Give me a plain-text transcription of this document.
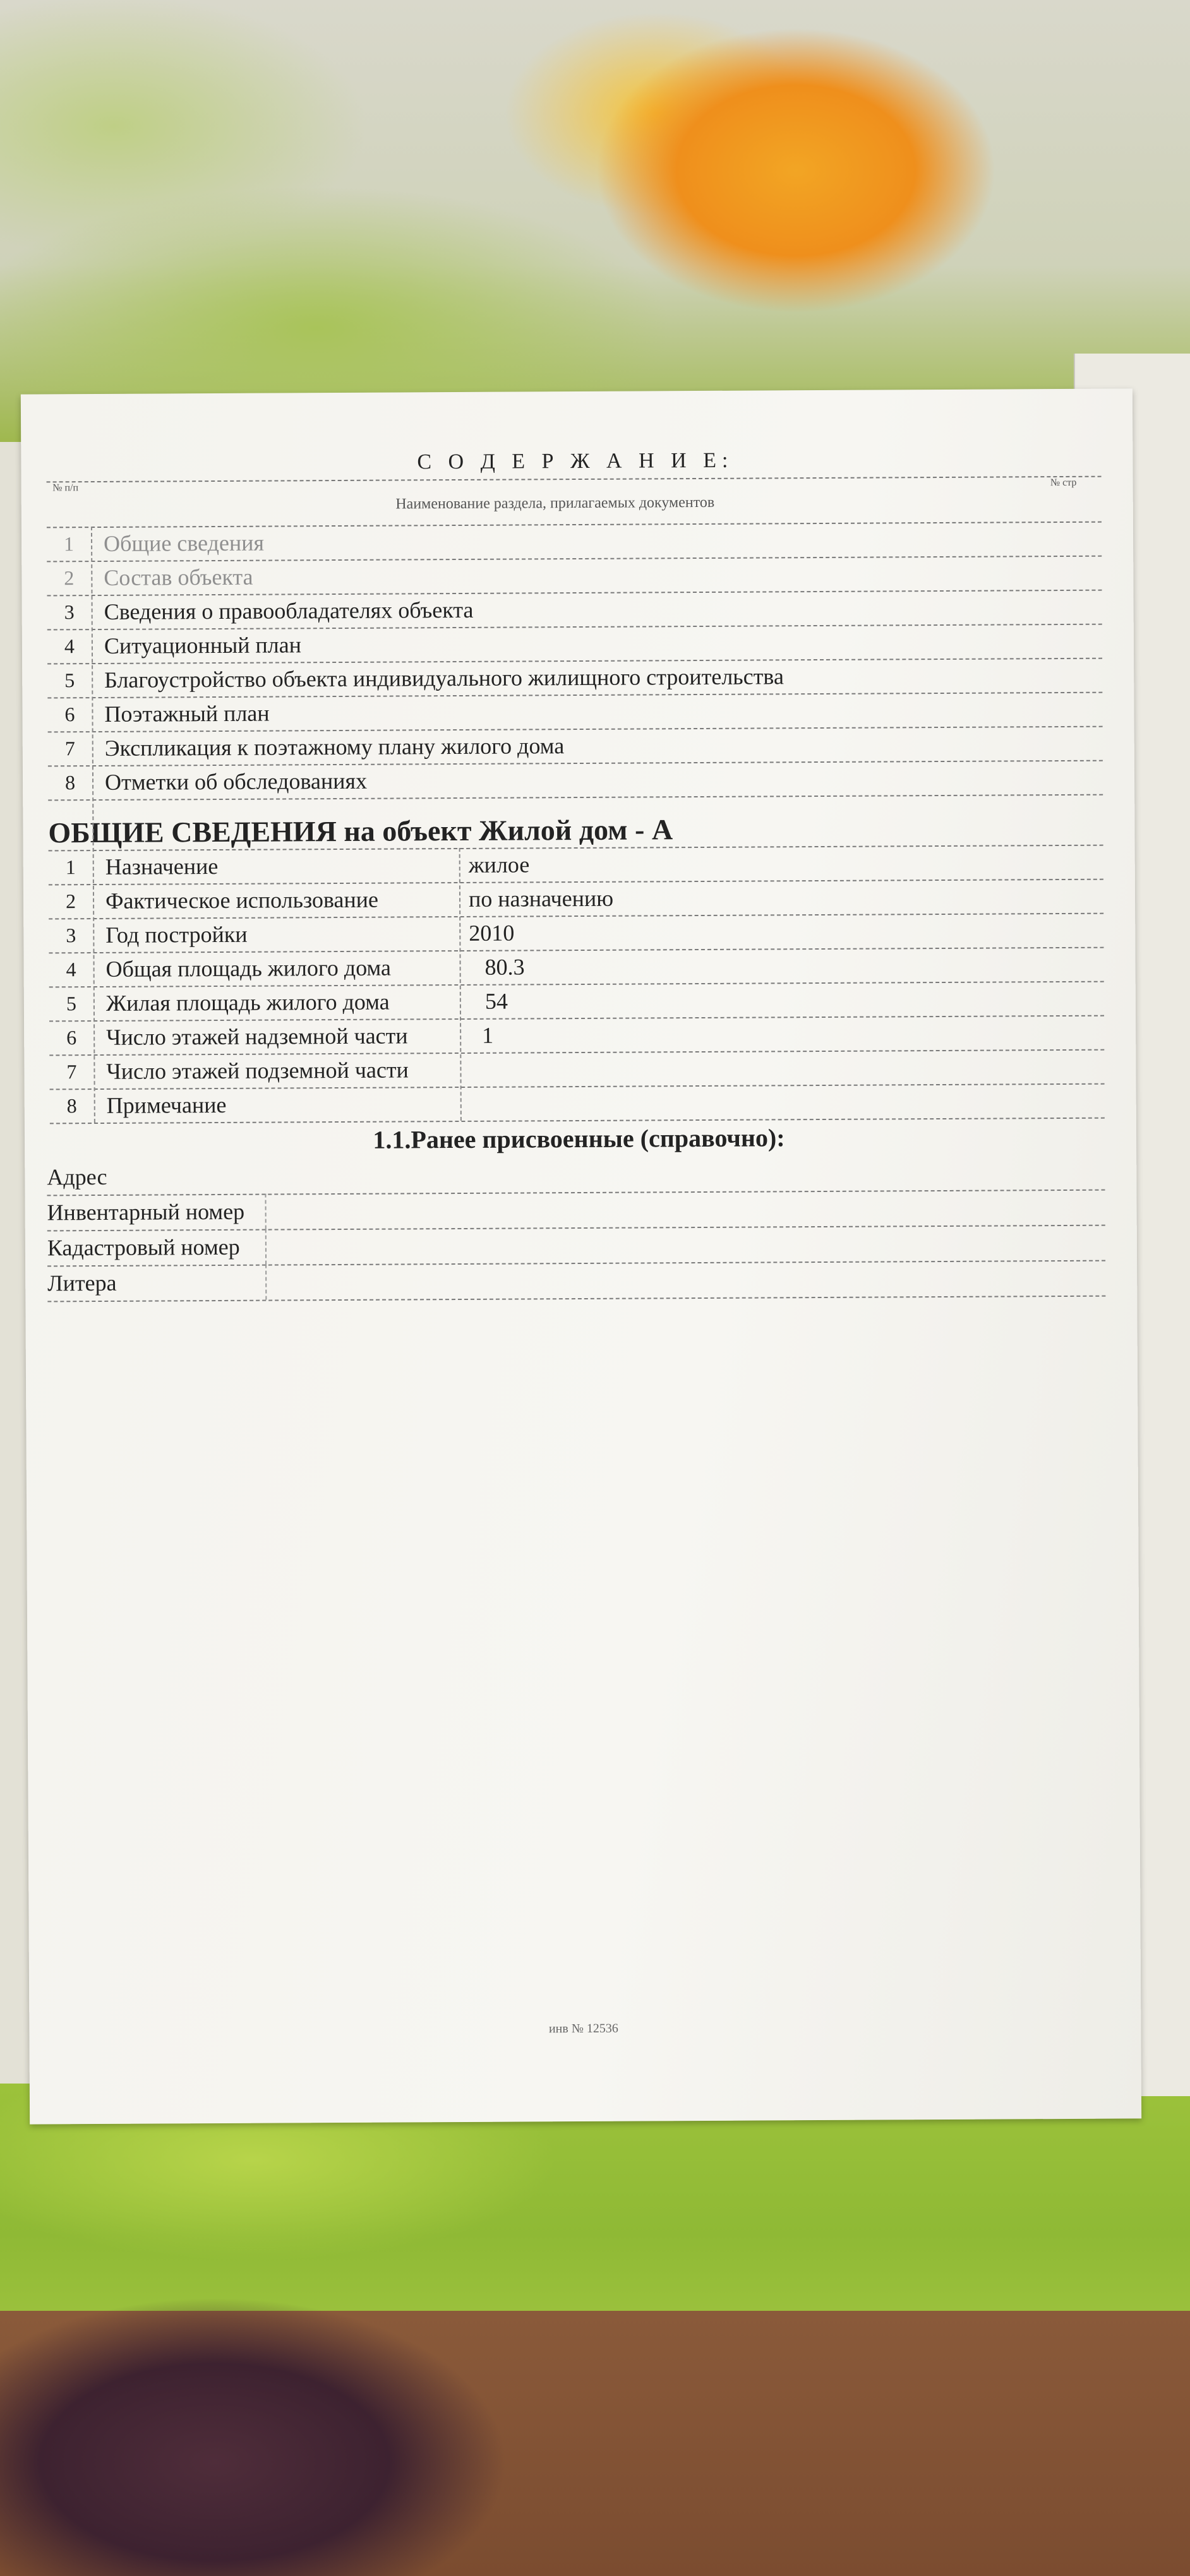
С О Д Е Р Ж А Н И Е:
№ п/п
Наименование раздела, прилагаемых документов
№ стр
1	Общие сведения
2	Состав объекта
3	Сведения о правообладателях объекта
4	Ситуационный план
5	Благоустройство объекта индивидуального жилищного строительства
6	Поэтажный план
7	Экспликация к поэтажному плану жилого дома
8	Отметки об обследованиях
ОБЩИЕ СВЕДЕНИЯ на объект Жилой дом - А
1	Назначение	жилое
2	Фактическое использование	по назначению
3	Год постройки	2010
4	Общая площадь жилого дома	80.3
5	Жилая площадь жилого дома	54
6	Число этажей надземной части	1
7	Число этажей подземной части
8	Примечание
1.1.Ранее присвоенные (справочно):
Адрес
Инвентарный номер
Кадастровый номер
Литера
инв № 12536
